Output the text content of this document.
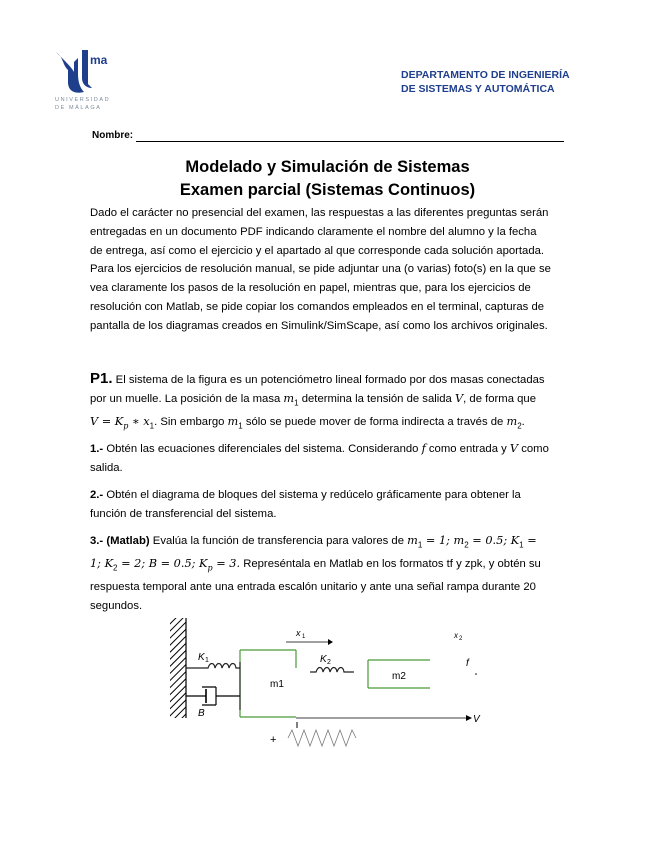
ma
UNIVERSIDAD
DE MÁLAGA
DEPARTAMENTO DE INGENIERÍA
DE SISTEMAS Y AUTOMÁTICA
Nombre:
Modelado y Simulación de Sistemas
Examen parcial (Sistemas Continuos)
Dado el carácter no presencial del examen, las respuestas a las diferentes preguntas serán
entregadas en un documento PDF indicando claramente el nombre del alumno y la fecha
de entrega, así como el ejercicio y el apartado al que corresponde cada solución aportada.
Para los ejercicios de resolución manual, se pide adjuntar una (o varias) foto(s) en la que se
vea claramente los pasos de la resolución en papel, mientras que, para los ejercicios de
resolución con Matlab, se pide copiar los comandos empleados en el terminal, capturas de
pantalla de los diagramas creados en Simulink/SimScape, así como los archivos originales.
P1. El sistema de la figura es un potenciómetro lineal formado por dos masas conectadas
por un muelle. La posición de la masa $m_1$ determina la tensión de salida V, de forma que
$V = K_p$ ∗ $x_1$. Sin embargo $m_1$ sólo se puede mover de forma indirecta a través de $m_2$.
1.- Obtén las ecuaciones diferenciales del sistema. Considerando f como entrada y V como
salida.
2.- Obtén el diagrama de bloques del sistema y redúcelo gráficamente para obtener la
función de transferencial del sistema.
3.- (Matlab) Evalúa la función de transferencia para valores de $m_1 = 1$; $m_2 = 0.5$; $K_1$ =
1; $K_2 = 2$; B = 0.5; $K_p = 3$. Represéntala en Matlab en los formatos tf y zpk, y obtén su
respuesta temporal ante una entrada escalón unitario y ante una señal rampa durante 20
segundos.
K 1
B
m1
x 1
K 2
m2
x 2
f
V
+
